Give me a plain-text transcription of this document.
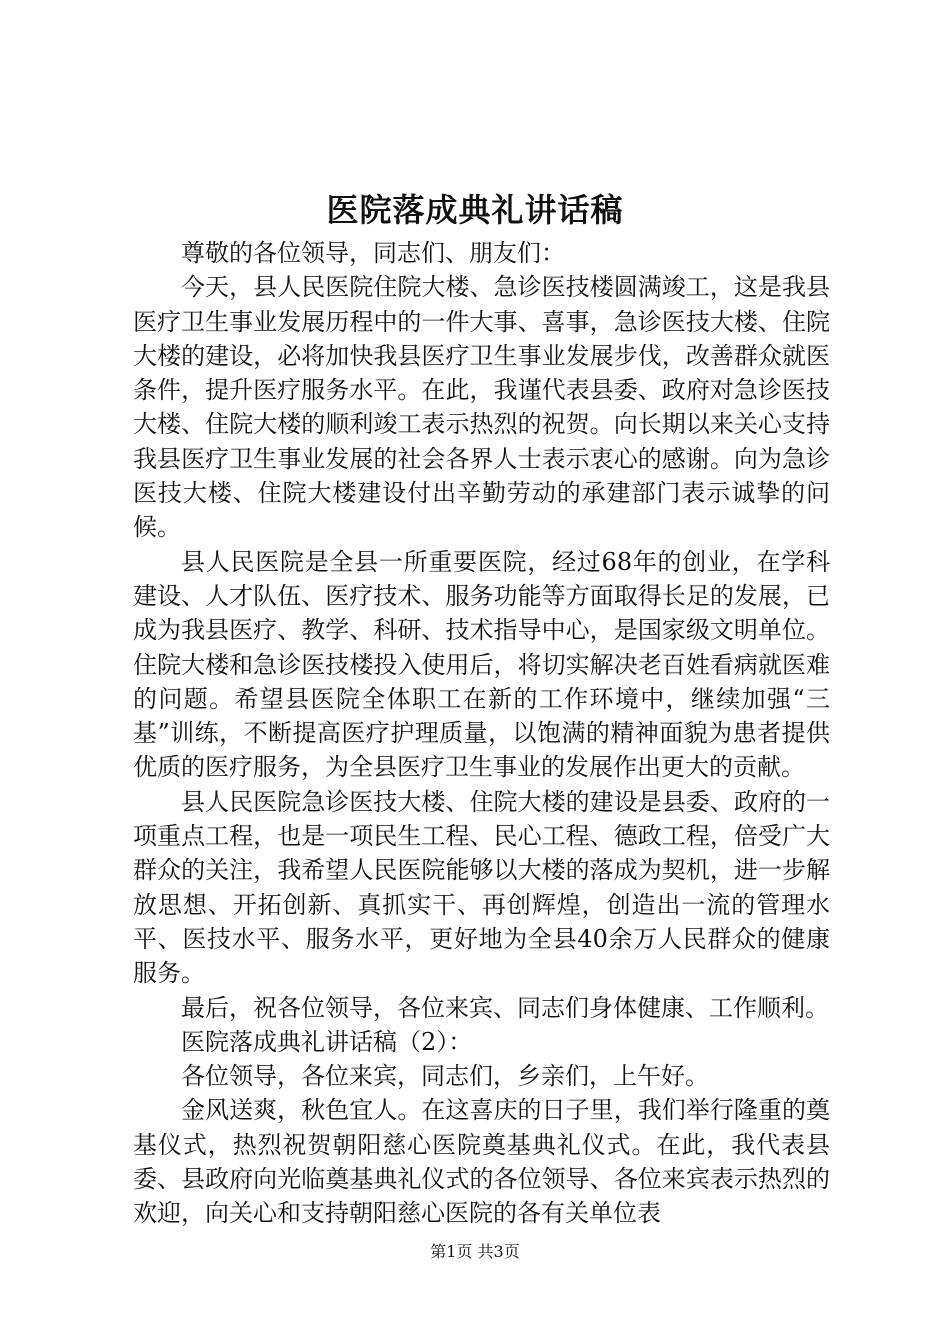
医院落成典礼讲话稿

尊敬的各位领导，同志们、朋友们：

今天，县人民医院住院大楼、急诊医技楼圆满竣工，这是我县医疗卫生事业发展历程中的一件大事、喜事，急诊医技大楼、住院大楼的建设，必将加快我县医疗卫生事业发展步伐，改善群众就医条件，提升医疗服务水平。在此，我谨代表县委、政府对急诊医技大楼、住院大楼的顺利竣工表示热烈的祝贺。向长期以来关心支持我县医疗卫生事业发展的社会各界人士表示衷心的感谢。向为急诊医技大楼、住院大楼建设付出辛勤劳动的承建部门表示诚挚的问候。

县人民医院是全县一所重要医院，经过68年的创业，在学科建设、人才队伍、医疗技术、服务功能等方面取得长足的发展，已成为我县医疗、教学、科研、技术指导中心，是国家级文明单位。住院大楼和急诊医技楼投入使用后，将切实解决老百姓看病就医难的问题。希望县医院全体职工在新的工作环境中，继续加强“三基”训练，不断提高医疗护理质量，以饱满的精神面貌为患者提供优质的医疗服务，为全县医疗卫生事业的发展作出更大的贡献。

县人民医院急诊医技大楼、住院大楼的建设是县委、政府的一项重点工程，也是一项民生工程、民心工程、德政工程，倍受广大群众的关注，我希望人民医院能够以大楼的落成为契机，进一步解放思想、开拓创新、真抓实干、再创辉煌，创造出一流的管理水平、医技水平、服务水平，更好地为全县40余万人民群众的健康服务。

最后，祝各位领导，各位来宾、同志们身体健康、工作顺利。

医院落成典礼讲话稿（2）：

各位领导，各位来宾，同志们，乡亲们，上午好。

金风送爽，秋色宜人。在这喜庆的日子里，我们举行隆重的奠基仪式，热烈祝贺朝阳慈心医院奠基典礼仪式。在此，我代表县委、县政府向光临奠基典礼仪式的各位领导、各位来宾表示热烈的欢迎，向关心和支持朝阳慈心医院的各有关单位表

第1页 共3页
